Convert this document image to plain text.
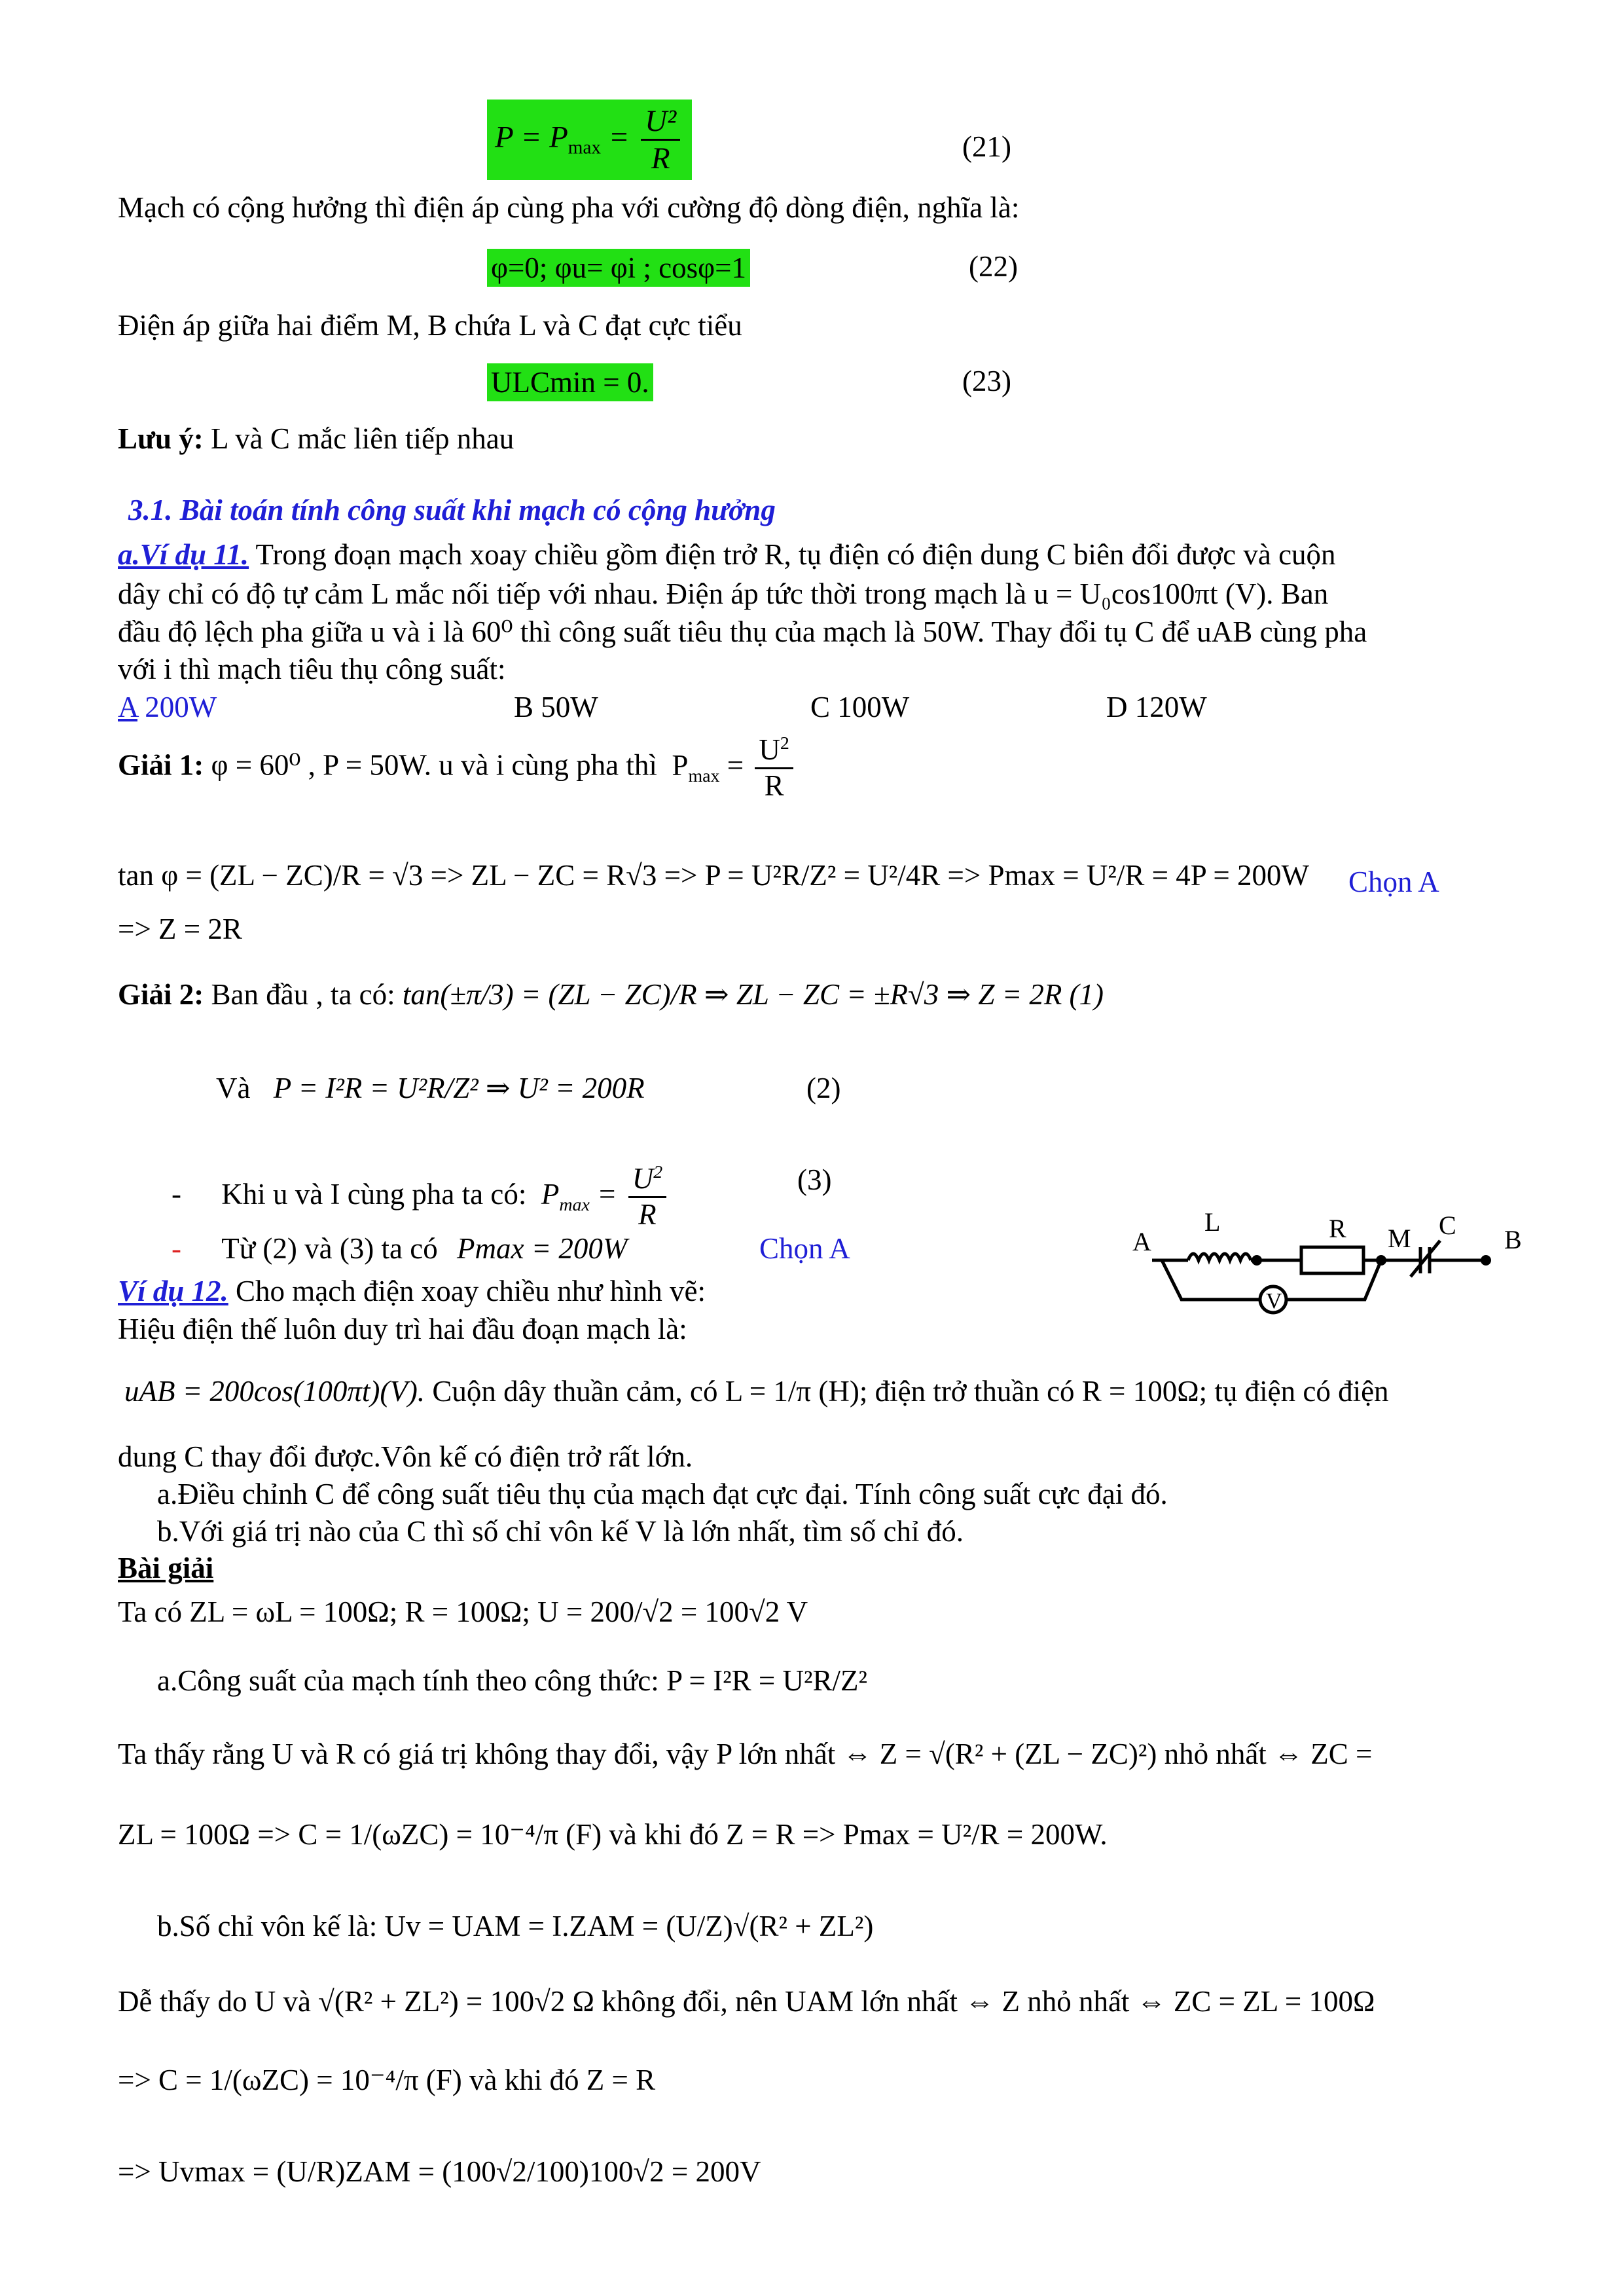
$P = P_{max} = \frac{\text{U²}}{R}$	(21)
Mạch có cộng hưởng thì điện áp cùng pha với cường độ dòng điện, nghĩa là:
φ=0; φu= φi ; cosφ=1	(22)
Điện áp giữa hai điểm M, B chứa L và C đạt cực tiểu
ULCmin = 0.	(23)
Lưu ý: L và C mắc liên tiếp nhau
3.1. Bài toán tính công suất khi mạch có cộng hưởng
a.Ví dụ 11. Trong đoạn mạch xoay chiều gồm điện trở R, tụ điện có điện dung C biên đổi được và cuộn
dây chỉ có độ tự cảm L mắc nối tiếp với nhau. Điện áp tức thời trong mạch là u = U₀cos100πt (V). Ban
đầu độ lệch pha giữa u và i là 60⁰ thì công suất tiêu thụ của mạch là 50W. Thay đổi tụ C để uAB cùng pha
với i thì mạch tiêu thụ công suất:
A 200W	B 50W	C 100W	D 120W
Giải 1: φ = 60⁰ , P = 50W. u và i cùng pha thì  $P_{max} = \frac{U^2}{R}$
tan φ = (ZL − ZC)/R = √3 => ZL − ZC = R√3 => P = U²R/Z² = U²/4R => Pmax = U²/R = 4P = 200W Chọn A
=> Z = 2R
Giải 2: Ban đầu , ta có: tan(±π/3) = (ZL − ZC)/R ⇒ ZL − ZC = ±R√3 ⇒ Z = 2R (1)
Và P = I²R = U²R/Z² ⇒ U² = 200R	(2)
- Khi u và I cùng pha ta có:  $P_{max} = \frac{U^2}{R}$	(3)
- Từ (2) và (3) ta có Pmax = 200W	Chọn A	A
L	R M C B
V
Ví dụ 12. Cho mạch điện xoay chiều như hình vẽ:
Hiệu điện thế luôn duy trì hai đầu đoạn mạch là:
uAB = 200cos(100πt)(V). Cuộn dây thuần cảm, có L = 1/π (H); điện trở thuần có R = 100Ω; tụ điện có điện
dung C thay đổi được.Vôn kế có điện trở rất lớn.
a.Điều chỉnh C để công suất tiêu thụ của mạch đạt cực đại. Tính công suất cực đại đó.
b.Với giá trị nào của C thì số chỉ vôn kế V là lớn nhất, tìm số chỉ đó.
Bài giải
Ta có ZL = ωL = 100Ω; R = 100Ω; U = 200/√2 = 100√2 V
a.Công suất của mạch tính theo công thức: P = I²R = U²R/Z²
Ta thấy rằng U và R có giá trị không thay đổi, vậy P lớn nhất ⇔ Z = √(R² + (ZL − ZC)²) nhỏ nhất ⇔ ZC =
ZL = 100Ω => C = 1/(ωZC) = 10⁻⁴/π (F) và khi đó Z = R => Pmax = U²/R = 200W.
b.Số chỉ vôn kế là: Uv = UAM = I.ZAM = (U/Z)√(R² + ZL²)
Dễ thấy do U và √(R² + ZL²) = 100√2 Ω không đổi, nên UAM lớn nhất ⇔ Z nhỏ nhất ⇔ ZC = ZL = 100Ω
=> C = 1/(ωZC) = 10⁻⁴/π (F) và khi đó Z = R
=> Uvmax = (U/R)ZAM = (100√2/100)100√2 = 200V
